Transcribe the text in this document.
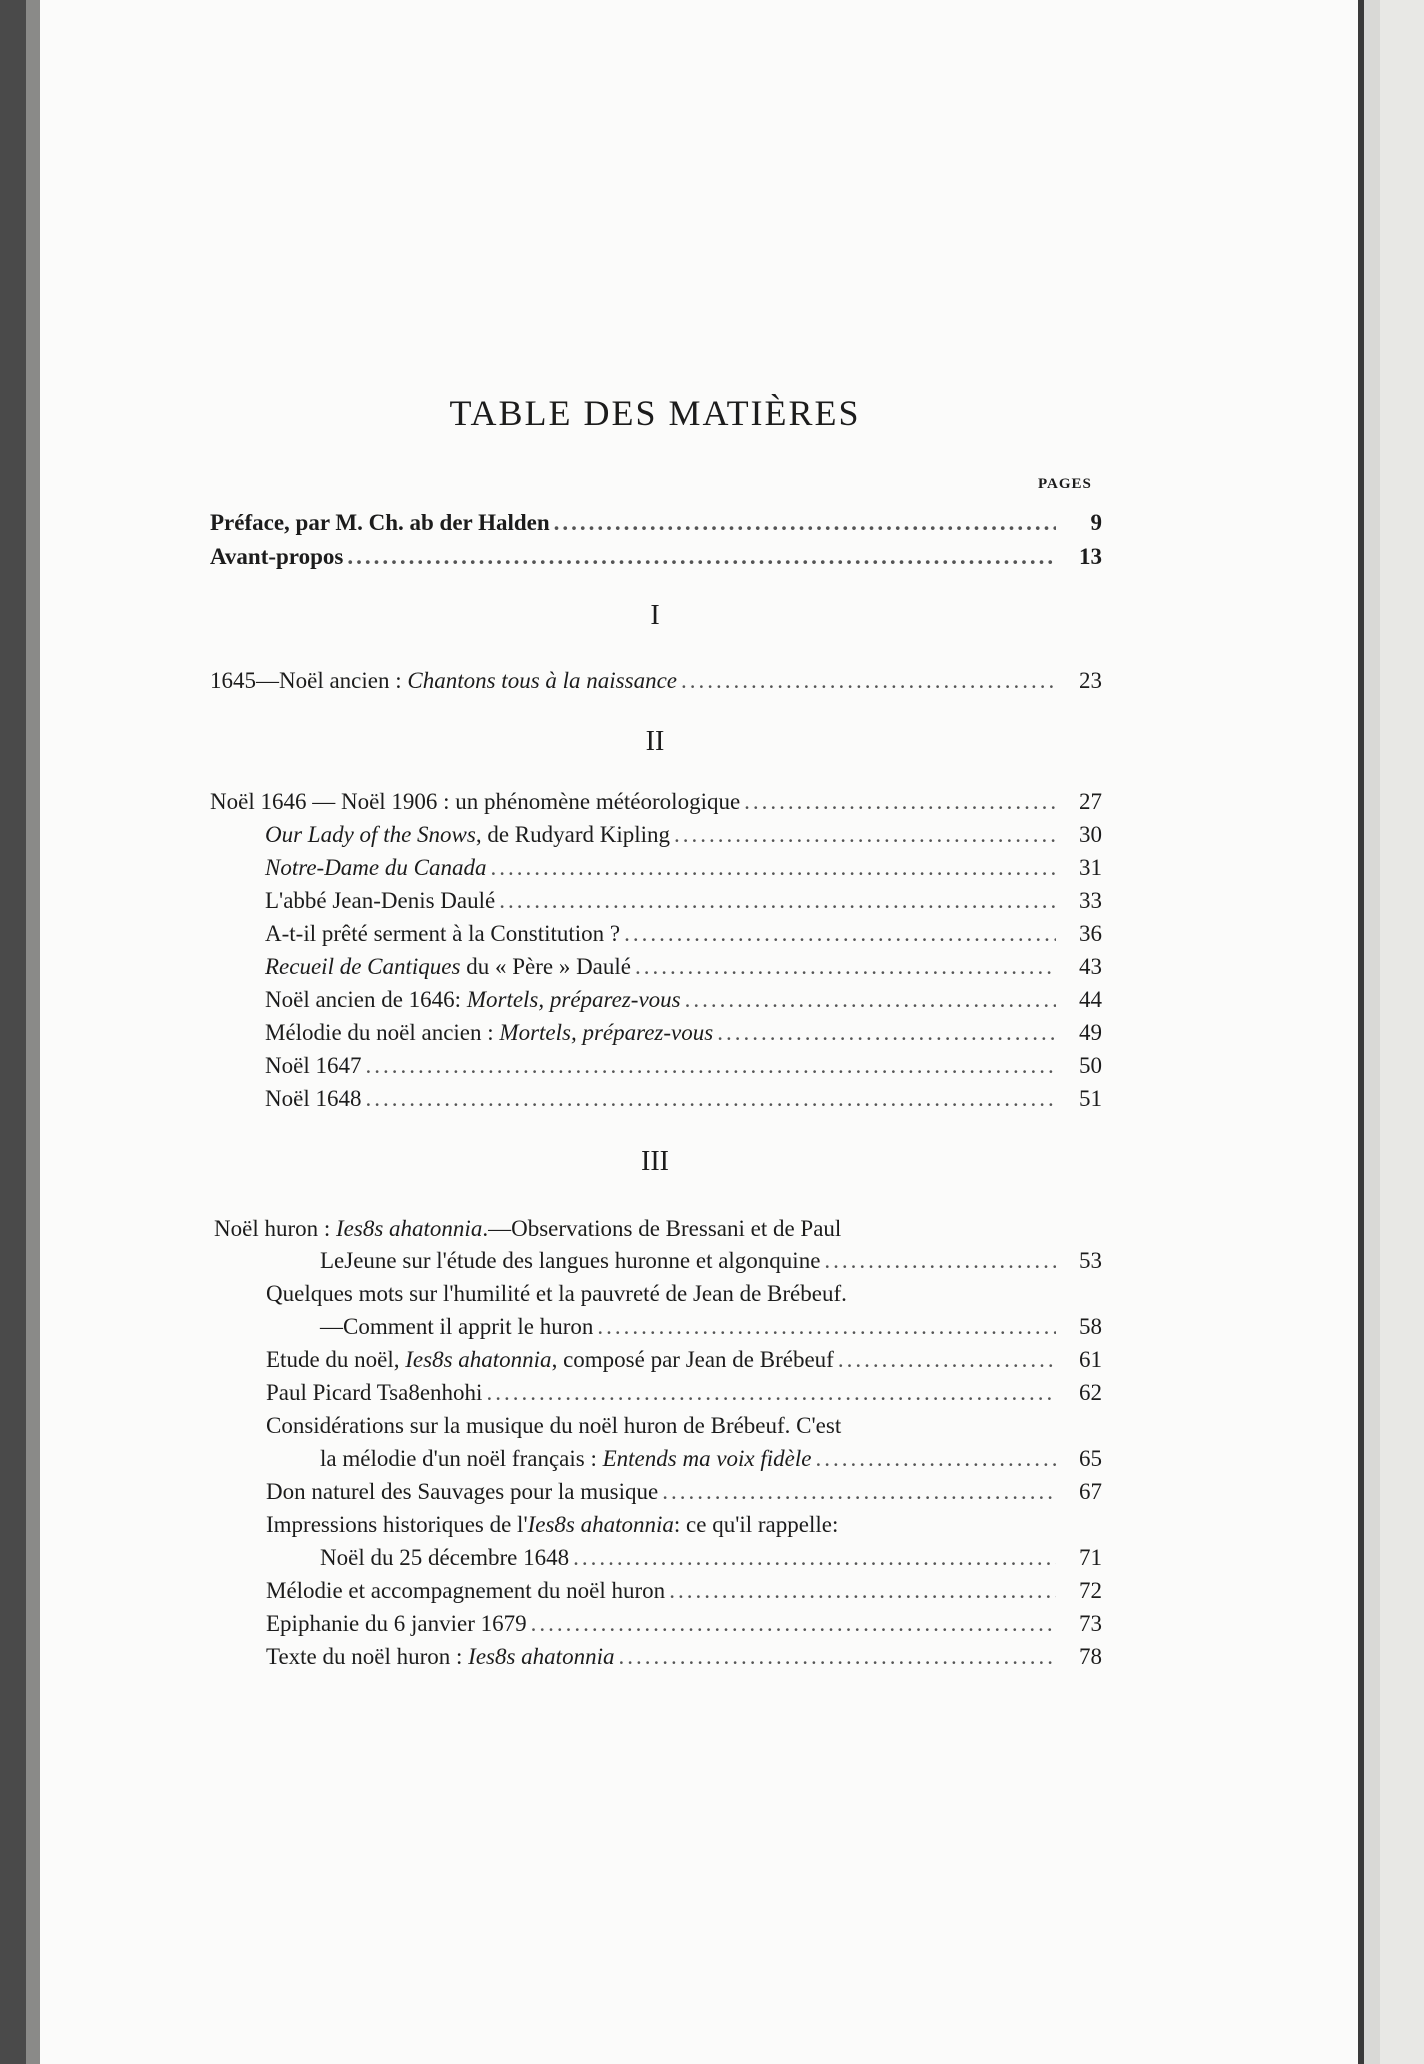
TABLE DES MATIÈRES
PAGES
Préface, par M. Ch. ab der Halden .....	9
Avant-propos .....	13
I
1645—Noël ancien : Chantons tous à la naissance .....	23
II
Noël 1646 — Noël 1906 : un phénomène météorologique .....	27
Our Lady of the Snows, de Rudyard Kipling .....	30
Notre-Dame du Canada .....	31
L'abbé Jean-Denis Daulé .....	33
A-t-il prêté serment à la Constitution ? .....	36
Recueil de Cantiques du « Père » Daulé .....	43
Noël ancien de 1646: Mortels, préparez-vous .....	44
Mélodie du noël ancien : Mortels, préparez-vous .....	49
Noël 1647 .....	50
Noël 1648 .....	51
III
Noël huron : Ies8s ahatonnia.—Observations de Bressani et de Paul
LeJeune sur l'étude des langues huronne et algonquine .....	53
Quelques mots sur l'humilité et la pauvreté de Jean de Brébeuf.
—Comment il apprit le huron .....	58
Etude du noël, Ies8s ahatonnia, composé par Jean de Brébeuf .....	61
Paul Picard Tsa8enhohi .....	62
Considérations sur la musique du noël huron de Brébeuf. C'est
la mélodie d'un noël français : Entends ma voix fidèle .....	65
Don naturel des Sauvages pour la musique .....	67
Impressions historiques de l'Ies8s ahatonnia: ce qu'il rappelle:
Noël du 25 décembre 1648 .....	71
Mélodie et accompagnement du noël huron .....	72
Epiphanie du 6 janvier 1679 .....	73
Texte du noël huron : Ies8s ahatonnia .....	78
